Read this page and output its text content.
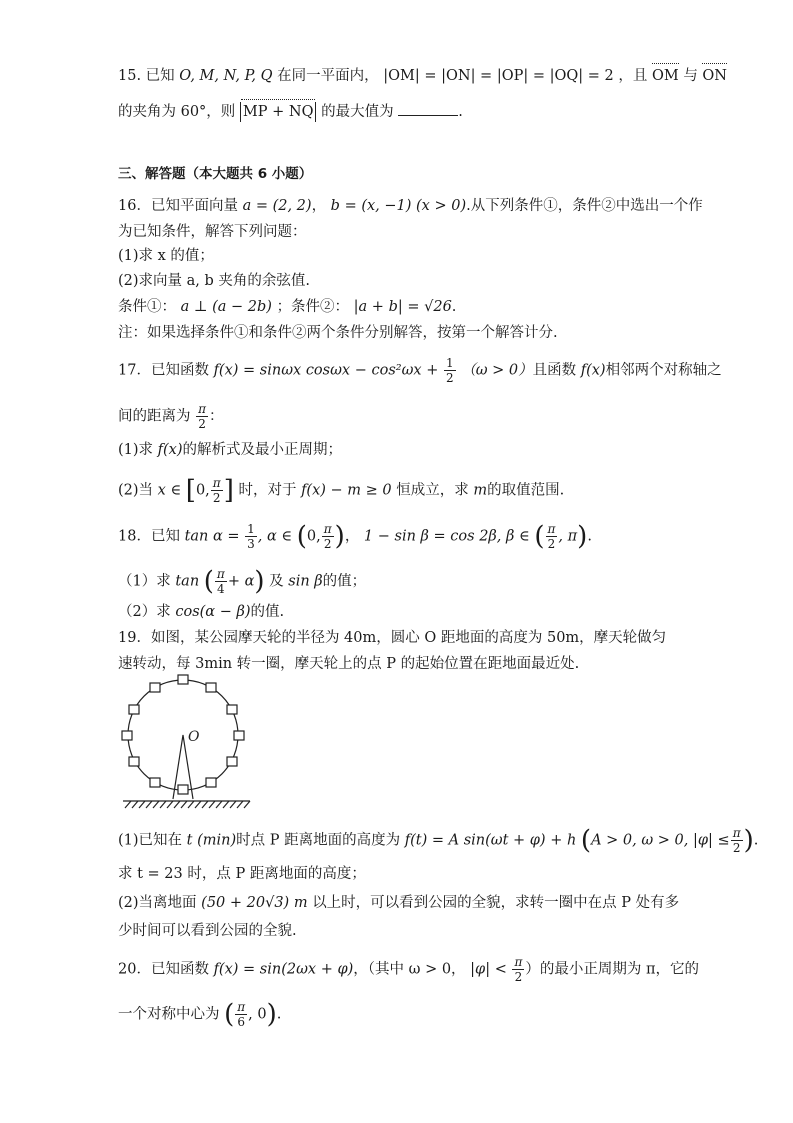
15. 已知 O, M, N, P, Q 在同一平面内， |OM| = |ON| = |OP| = |OQ| = 2 ，且 OM 与 ON
的夹角为 60°，则 MP + NQ 的最大值为	.
三、解答题（本大题共 6 小题）
16．已知平面向量 a = (2, 2)， b = (x, −1) (x > 0).从下列条件①，条件②中选出一个作
为已知条件，解答下列问题：
(1)求 x 的值；
(2)求向量 a, b 夹角的余弦值.
条件①： a ⊥ (a − 2b) ；条件②： |a + b| = √26.
注：如果选择条件①和条件②两个条件分别解答，按第一个解答计分.
17．已知函数 f(x) = sinωx $\cos\omega x - \cos^2\omega x + \frac{1}{2} (\omega > 0)$且函数 f(x)相邻两个对称轴之
间的距离为 $\frac{\pi}{2}$ ：
(1)求 f(x)的解析式及最小正周期；
(2)当 x ∈ [0, $\frac{\pi}{2}$ ] 时，对于 f(x) − m ≥ 0 恒成立，求 m的取值范围.
18．已知 $\tan \alpha = \frac{1}{3}$ , α ∈ (0, $\frac{\pi}{2}$ )， 1 − sin β = cos 2β, β ∈ ( $\frac{\pi}{2}$ , π).
（1）求 tan ( $\frac{\pi}{4} + \alpha$) 及 sin β的值；
（2）求 cos(α − β)的值.
19．如图，某公园摩天轮的半径为 40m，圆心 O 距地面的高度为 50m，摩天轮做匀
速转动，每 3min 转一圈，摩天轮上的点 P 的起始位置在距地面最近处.
O
(1)已知在 t (min)时点 P 距离地面的高度为 f(t) = A sin(ωt + φ) + h (A > 0, ω > 0, $|\varphi| \le \frac{\pi}{2}$ ).
求 t = 23 时，点 P 距离地面的高度；
(2)当离地面 (50 + 20√3) m 以上时，可以看到公园的全貌，求转一圈中在点 P 处有多
少时间可以看到公园的全貌.
20．已知函数 f(x) = sin(2ωx + φ)，（其中 ω > 0， $|\varphi| < \frac{\pi}{2}$ ）的最小正周期为 π，它的
一个对称中心为 ( $\frac{\pi}{6}$ , 0).
